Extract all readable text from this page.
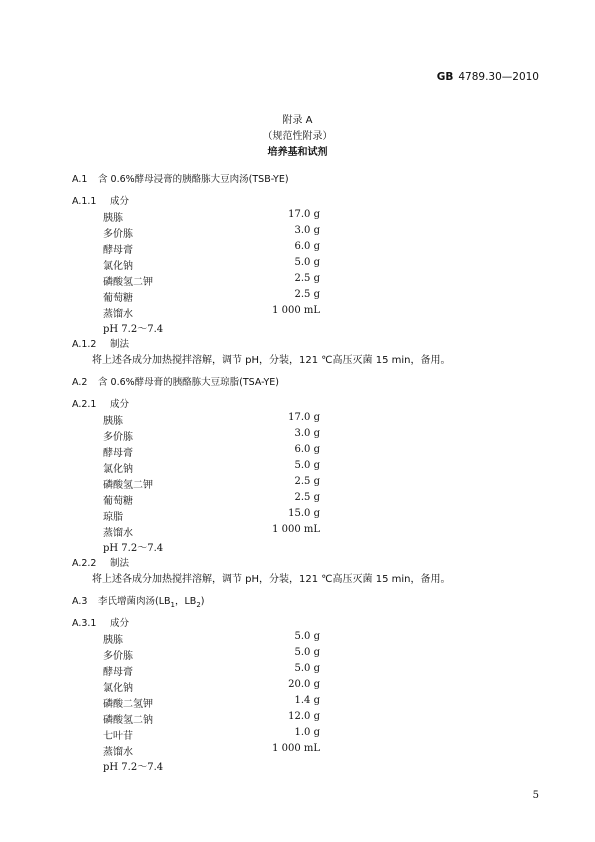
GB 4789.30—2010
附录 A
（规范性附录）
培养基和试剂
A.1 含 0.6%酵母浸膏的胰酪胨大豆肉汤(TSB-YE)
A.1.1 成分
胰胨	17.0 g
多价胨	3.0 g
酵母膏	6.0 g
氯化钠	5.0 g
磷酸氢二钾	2.5 g
葡萄糖	2.5 g
蒸馏水	1 000 mL
pH 7.2～7.4
A.1.2 制法
将上述各成分加热搅拌溶解，调节 pH，分装，121 ℃高压灭菌 15 min，备用。
A.2 含 0.6%酵母膏的胰酪胨大豆琼脂(TSA-YE)
A.2.1 成分
胰胨	17.0 g
多价胨	3.0 g
酵母膏	6.0 g
氯化钠	5.0 g
磷酸氢二钾	2.5 g
葡萄糖	2.5 g
琼脂	15.0 g
蒸馏水	1 000 mL
pH 7.2～7.4
A.2.2 制法
将上述各成分加热搅拌溶解，调节 pH，分装，121 ℃高压灭菌 15 min，备用。
A.3 李氏增菌肉汤($LB_1$，$LB_2$)
A.3.1 成分
胰胨	5.0 g
多价胨	5.0 g
酵母膏	5.0 g
氯化钠	20.0 g
磷酸二氢钾	1.4 g
磷酸氢二钠	12.0 g
七叶苷	1.0 g
蒸馏水	1 000 mL
pH 7.2～7.4
5
